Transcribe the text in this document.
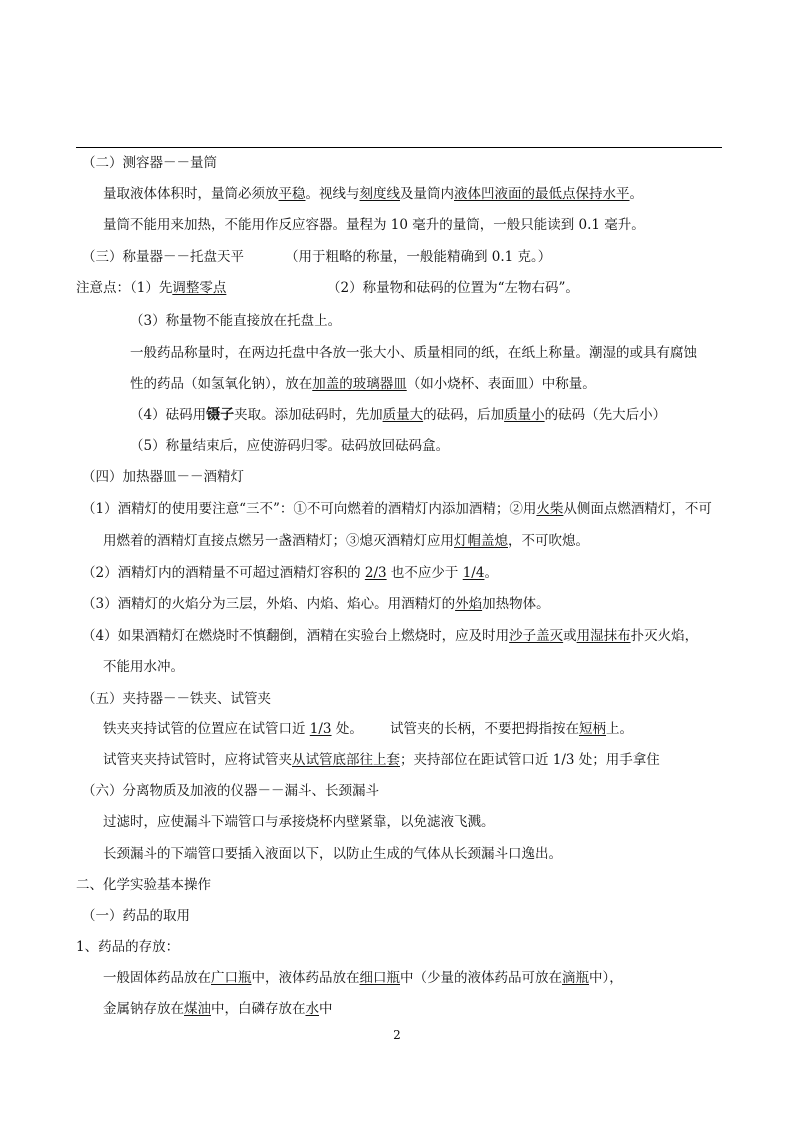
（二）测容器－－量筒
量取液体体积时，量筒必须放平稳。视线与刻度线及量筒内液体凹液面的最低点保持水平。
量筒不能用来加热，不能用作反应容器。量程为 10 毫升的量筒，一般只能读到 0.1 毫升。
（三）称量器－－托盘天平	（用于粗略的称量，一般能精确到 0.1 克。）
注意点：（1）先调整零点	（2）称量物和砝码的位置为“左物右码”。
（3）称量物不能直接放在托盘上。
一般药品称量时，在两边托盘中各放一张大小、质量相同的纸，在纸上称量。潮湿的或具有腐蚀
性的药品（如氢氧化钠），放在加盖的玻璃器皿（如小烧杯、表面皿）中称量。
（4）砝码用镊子夹取。添加砝码时，先加质量大的砝码，后加质量小的砝码（先大后小）
（5）称量结束后，应使游码归零。砝码放回砝码盒。
（四）加热器皿－－酒精灯
（1）酒精灯的使用要注意“三不”：①不可向燃着的酒精灯内添加酒精；②用火柴从侧面点燃酒精灯，不可
用燃着的酒精灯直接点燃另一盏酒精灯；③熄灭酒精灯应用灯帽盖熄，不可吹熄。
（2）酒精灯内的酒精量不可超过酒精灯容积的 2/3 也不应少于 1/4。
（3）酒精灯的火焰分为三层，外焰、内焰、焰心。用酒精灯的外焰加热物体。
（4）如果酒精灯在燃烧时不慎翻倒，酒精在实验台上燃烧时，应及时用沙子盖灭或用湿抹布扑灭火焰，
不能用水冲。
（五）夹持器－－铁夹、试管夹
铁夹夹持试管的位置应在试管口近 1/3 处。 试管夹的长柄，不要把拇指按在短柄上。
试管夹夹持试管时，应将试管夹从试管底部往上套；夹持部位在距试管口近 1/3 处；用手拿住
（六）分离物质及加液的仪器－－漏斗、长颈漏斗
过滤时，应使漏斗下端管口与承接烧杯内壁紧靠，以免滤液飞溅。
长颈漏斗的下端管口要插入液面以下，以防止生成的气体从长颈漏斗口逸出。
二、化学实验基本操作
（一）药品的取用
1、药品的存放：
一般固体药品放在广口瓶中，液体药品放在细口瓶中（少量的液体药品可放在滴瓶中），
金属钠存放在煤油中，白磷存放在水中
2
